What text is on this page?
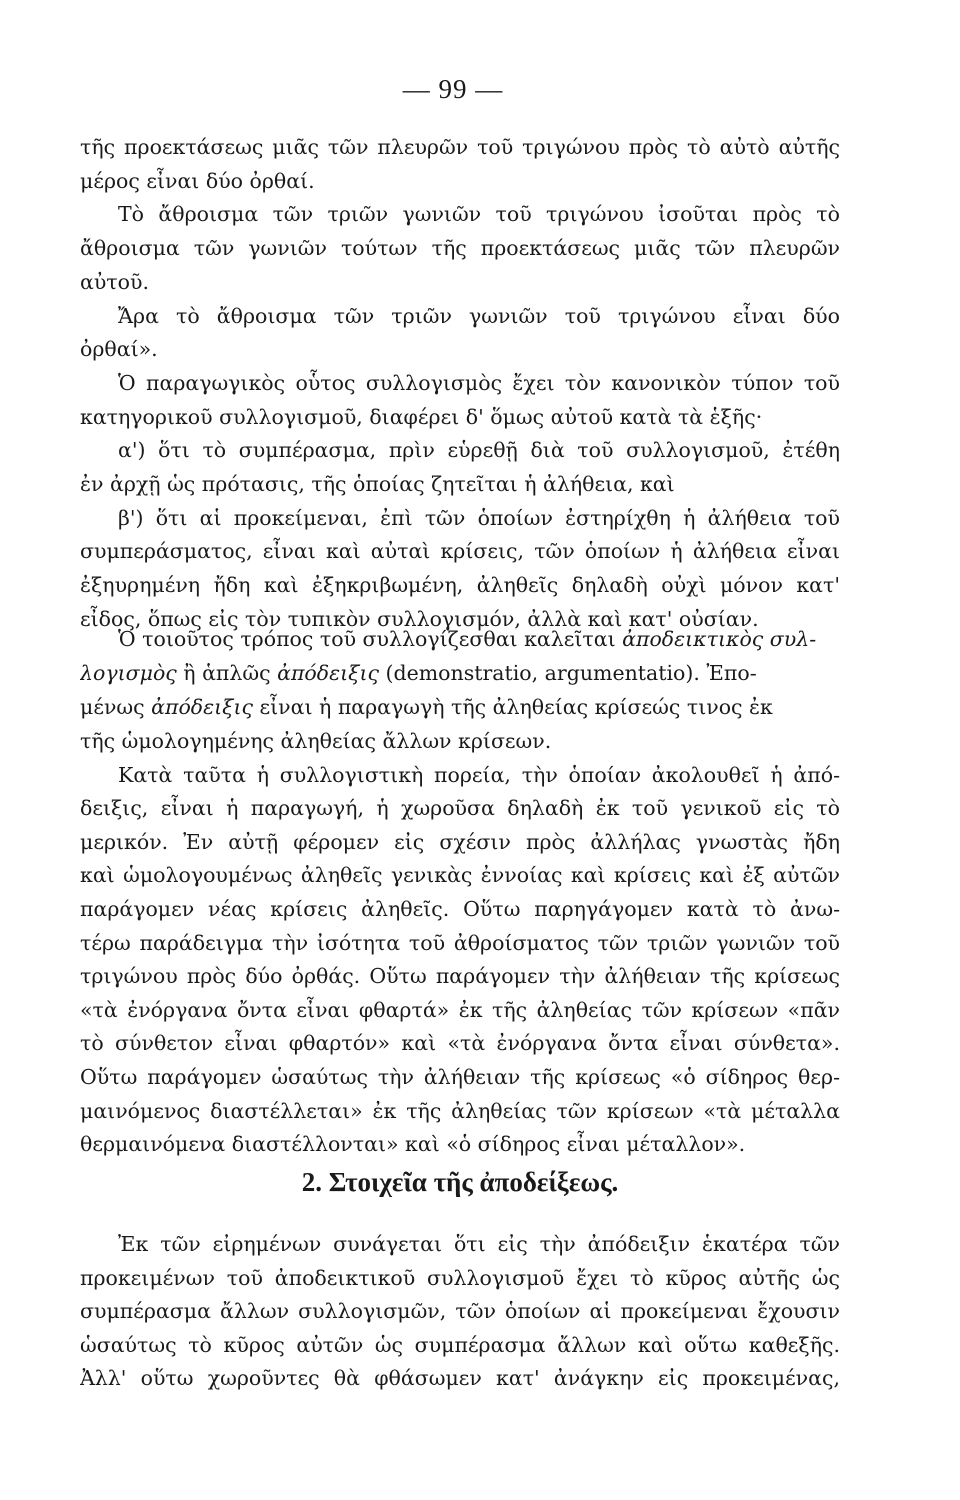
— 99 —
τῆς προεκτάσεως μιᾶς τῶν πλευρῶν τοῦ τριγώνου πρὸς τὸ αὐτὸ αὐτῆς
μέρος εἶναι δύο ὀρθαί.
Τὸ ἄθροισμα τῶν τριῶν γωνιῶν τοῦ τριγώνου ἰσοῦται πρὸς τὸ
ἄθροισμα τῶν γωνιῶν τούτων τῆς προεκτάσεως μιᾶς τῶν πλευρῶν
αὐτοῦ.
Ἄρα τὸ ἄθροισμα τῶν τριῶν γωνιῶν τοῦ τριγώνου εἶναι δύο
ὀρθαί».
Ὁ παραγωγικὸς οὗτος συλλογισμὸς ἔχει τὸν κανονικὸν τύπον τοῦ
κατηγορικοῦ συλλογισμοῦ, διαφέρει δ' ὅμως αὐτοῦ κατὰ τὰ ἑξῆς·
α') ὅτι τὸ συμπέρασμα, πρὶν εὑρεθῇ διὰ τοῦ συλλογισμοῦ, ἐτέθη
ἐν ἀρχῇ ὡς πρότασις, τῆς ὁποίας ζητεῖται ἡ ἀλήθεια, καὶ
β') ὅτι αἱ προκείμεναι, ἐπὶ τῶν ὁποίων ἐστηρίχθη ἡ ἀλήθεια τοῦ
συμπεράσματος, εἶναι καὶ αὐταὶ κρίσεις, τῶν ὁποίων ἡ ἀλήθεια εἶναι
ἐξηυρημένη ἤδη καὶ ἐξηκριβωμένη, ἀληθεῖς δηλαδὴ οὐχὶ μόνον κατ'
εἶδος, ὅπως εἰς τὸν τυπικὸν συλλογισμόν, ἀλλὰ καὶ κατ' οὐσίαν.
Ὁ τοιοῦτος τρόπος τοῦ συλλογίζεσθαι καλεῖται ἀποδεικτικὸς συλ-
λογισμὸς ἢ ἁπλῶς ἀπόδειξις (demonstratio, argumentatio). Ἐπο-
μένως ἀπόδειξις εἶναι ἡ παραγωγὴ τῆς ἀληθείας κρίσεώς τινος ἐκ
τῆς ὡμολογημένης ἀληθείας ἄλλων κρίσεων.
Κατὰ ταῦτα ἡ συλλογιστικὴ πορεία, τὴν ὁποίαν ἀκολουθεῖ ἡ ἀπό-
δειξις, εἶναι ἡ παραγωγή, ἡ χωροῦσα δηλαδὴ ἐκ τοῦ γενικοῦ εἰς τὸ
μερικόν. Ἐν αὐτῇ φέρομεν εἰς σχέσιν πρὸς ἀλλήλας γνωστὰς ἤδη
καὶ ὡμολογουμένως ἀληθεῖς γενικὰς ἐννοίας καὶ κρίσεις καὶ ἐξ αὐτῶν
παράγομεν νέας κρίσεις ἀληθεῖς. Οὕτω παρηγάγομεν κατὰ τὸ ἀνω-
τέρω παράδειγμα τὴν ἰσότητα τοῦ ἀθροίσματος τῶν τριῶν γωνιῶν τοῦ
τριγώνου πρὸς δύο ὀρθάς. Οὕτω παράγομεν τὴν ἀλήθειαν τῆς κρίσεως
«τὰ ἐνόργανα ὄντα εἶναι φθαρτά» ἐκ τῆς ἀληθείας τῶν κρίσεων «πᾶν
τὸ σύνθετον εἶναι φθαρτόν» καὶ «τὰ ἐνόργανα ὄντα εἶναι σύνθετα».
Οὕτω παράγομεν ὡσαύτως τὴν ἀλήθειαν τῆς κρίσεως «ὁ σίδηρος θερ-
μαινόμενος διαστέλλεται» ἐκ τῆς ἀληθείας τῶν κρίσεων «τὰ μέταλλα
θερμαινόμενα διαστέλλονται» καὶ «ὁ σίδηρος εἶναι μέταλλον».
2. Στοιχεῖα τῆς ἀποδείξεως.
Ἐκ τῶν εἰρημένων συνάγεται ὅτι εἰς τὴν ἀπόδειξιν ἑκατέρα τῶν
προκειμένων τοῦ ἀποδεικτικοῦ συλλογισμοῦ ἔχει τὸ κῦρος αὐτῆς ὡς
συμπέρασμα ἄλλων συλλογισμῶν, τῶν ὁποίων αἱ προκείμεναι ἔχουσιν
ὡσαύτως τὸ κῦρος αὐτῶν ὡς συμπέρασμα ἄλλων καὶ οὕτω καθεξῆς.
Ἀλλ' οὕτω χωροῦντες θὰ φθάσωμεν κατ' ἀνάγκην εἰς προκειμένας,
